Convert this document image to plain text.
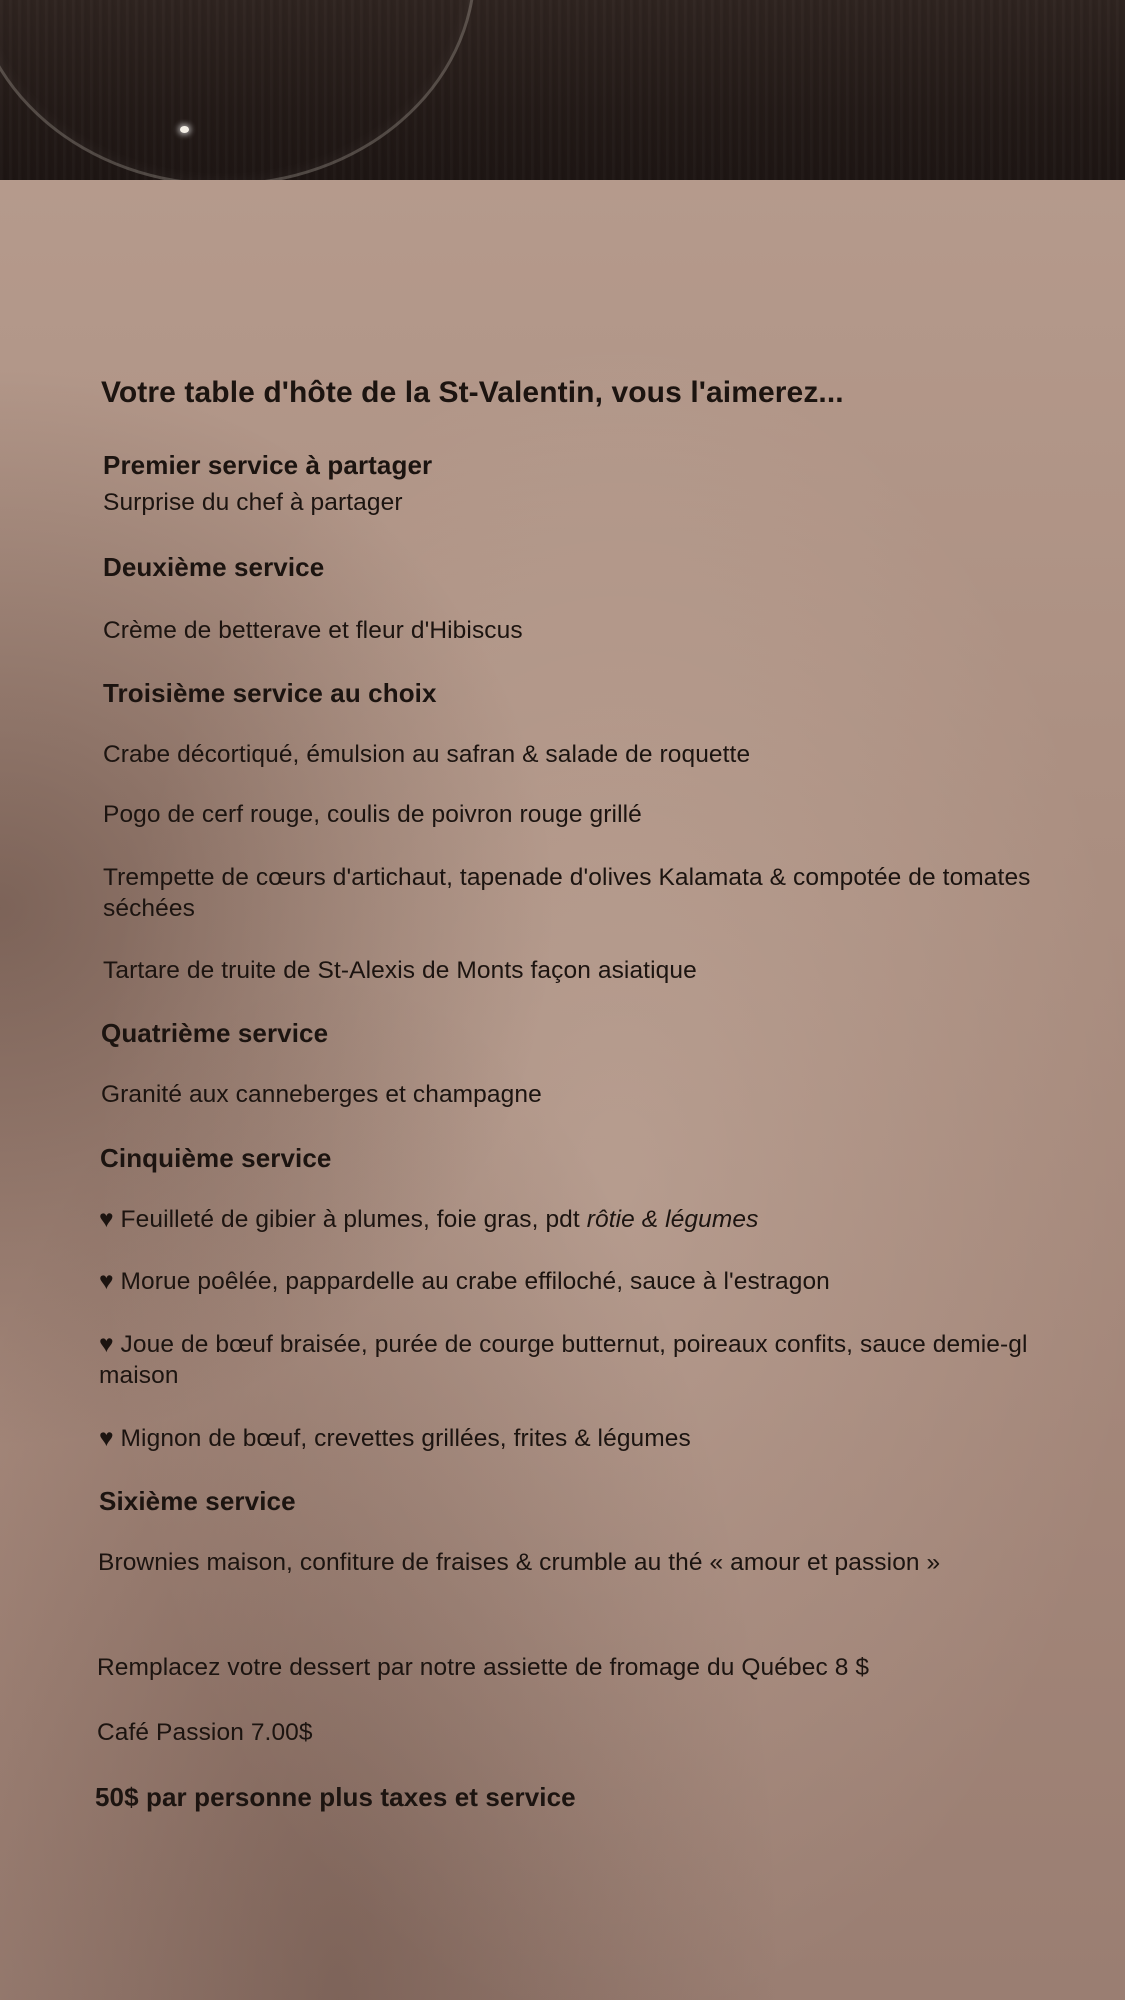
Votre table d'hôte de la St-Valentin, vous l'aimerez...
Premier service à partager
Surprise du chef à partager
Deuxième service
Crème de betterave et fleur d'Hibiscus
Troisième service au choix
Crabe décortiqué, émulsion au safran & salade de roquette
Pogo de cerf rouge, coulis de poivron rouge grillé
Trempette de cœurs d'artichaut, tapenade d'olives Kalamata & compotée de tomates
séchées
Tartare de truite de St-Alexis de Monts façon asiatique
Quatrième service
Granité aux canneberges et champagne
Cinquième service
♥ Feuilleté de gibier à plumes, foie gras, pdt rôtie & légumes
♥ Morue poêlée, pappardelle au crabe effiloché, sauce à l'estragon
♥ Joue de bœuf braisée, purée de courge butternut, poireaux confits, sauce demie-gl
maison
♥ Mignon de bœuf, crevettes grillées, frites & légumes
Sixième service
Brownies maison, confiture de fraises & crumble au thé « amour et passion »
Remplacez votre dessert par notre assiette de fromage du Québec 8 $
Café Passion 7.00$
50$ par personne plus taxes et service
